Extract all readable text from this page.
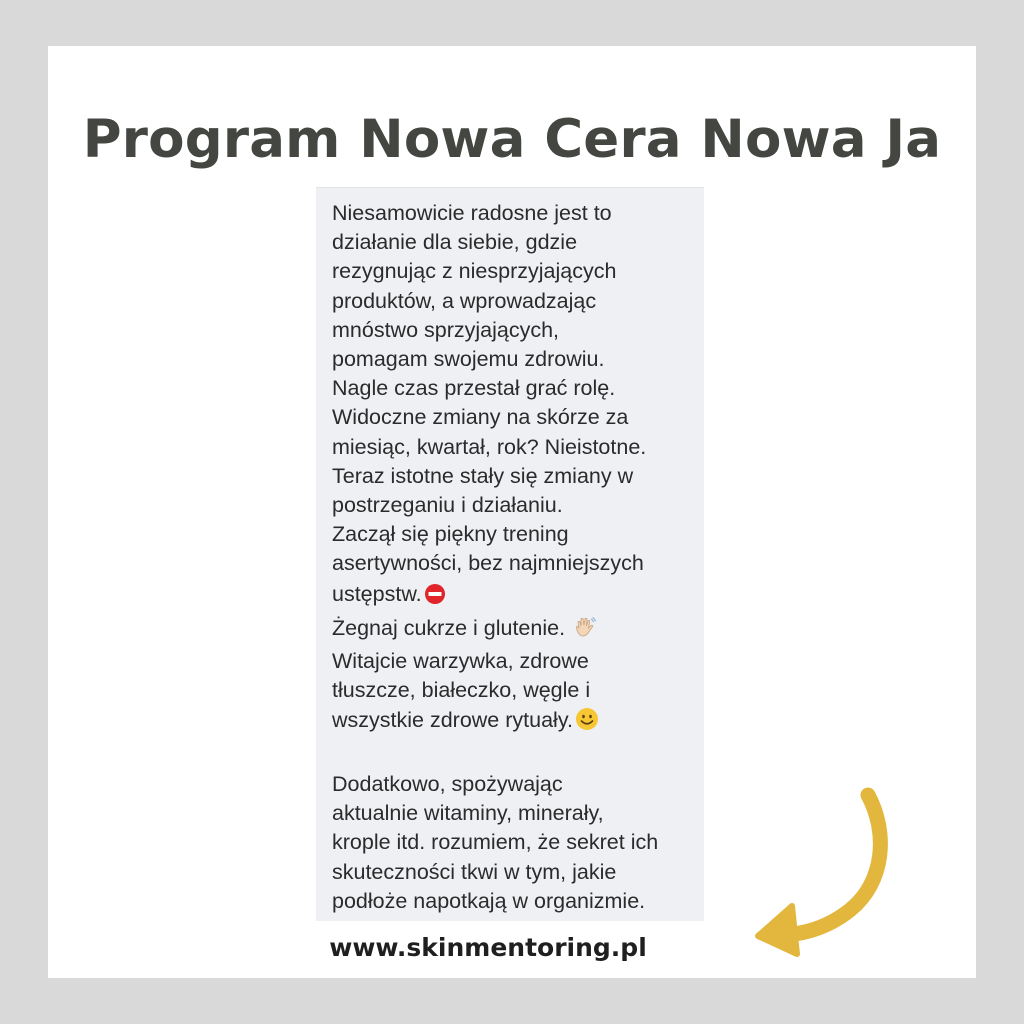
Program Nowa Cera Nowa Ja
Niesamowicie radosne jest to
działanie dla siebie, gdzie
rezygnując z niesprzyjających
produktów, a wprowadzając
mnóstwo sprzyjających,
pomagam swojemu zdrowiu.
Nagle czas przestał grać rolę.
Widoczne zmiany na skórze za
miesiąc, kwartał, rok? Nieistotne.
Teraz istotne stały się zmiany w
postrzeganiu i działaniu.
Zaczął się piękny trening
asertywności, bez najmniejszych
ustępstw.
Żegnaj cukrze i glutenie.
Witajcie warzywka, zdrowe
tłuszcze, białeczko, węgle i
wszystkie zdrowe rytuały.
Dodatkowo, spożywając
aktualnie witaminy, minerały,
krople itd. rozumiem, że sekret ich
skuteczności tkwi w tym, jakie
podłoże napotkają w organizmie.
www.skinmentoring.pl
